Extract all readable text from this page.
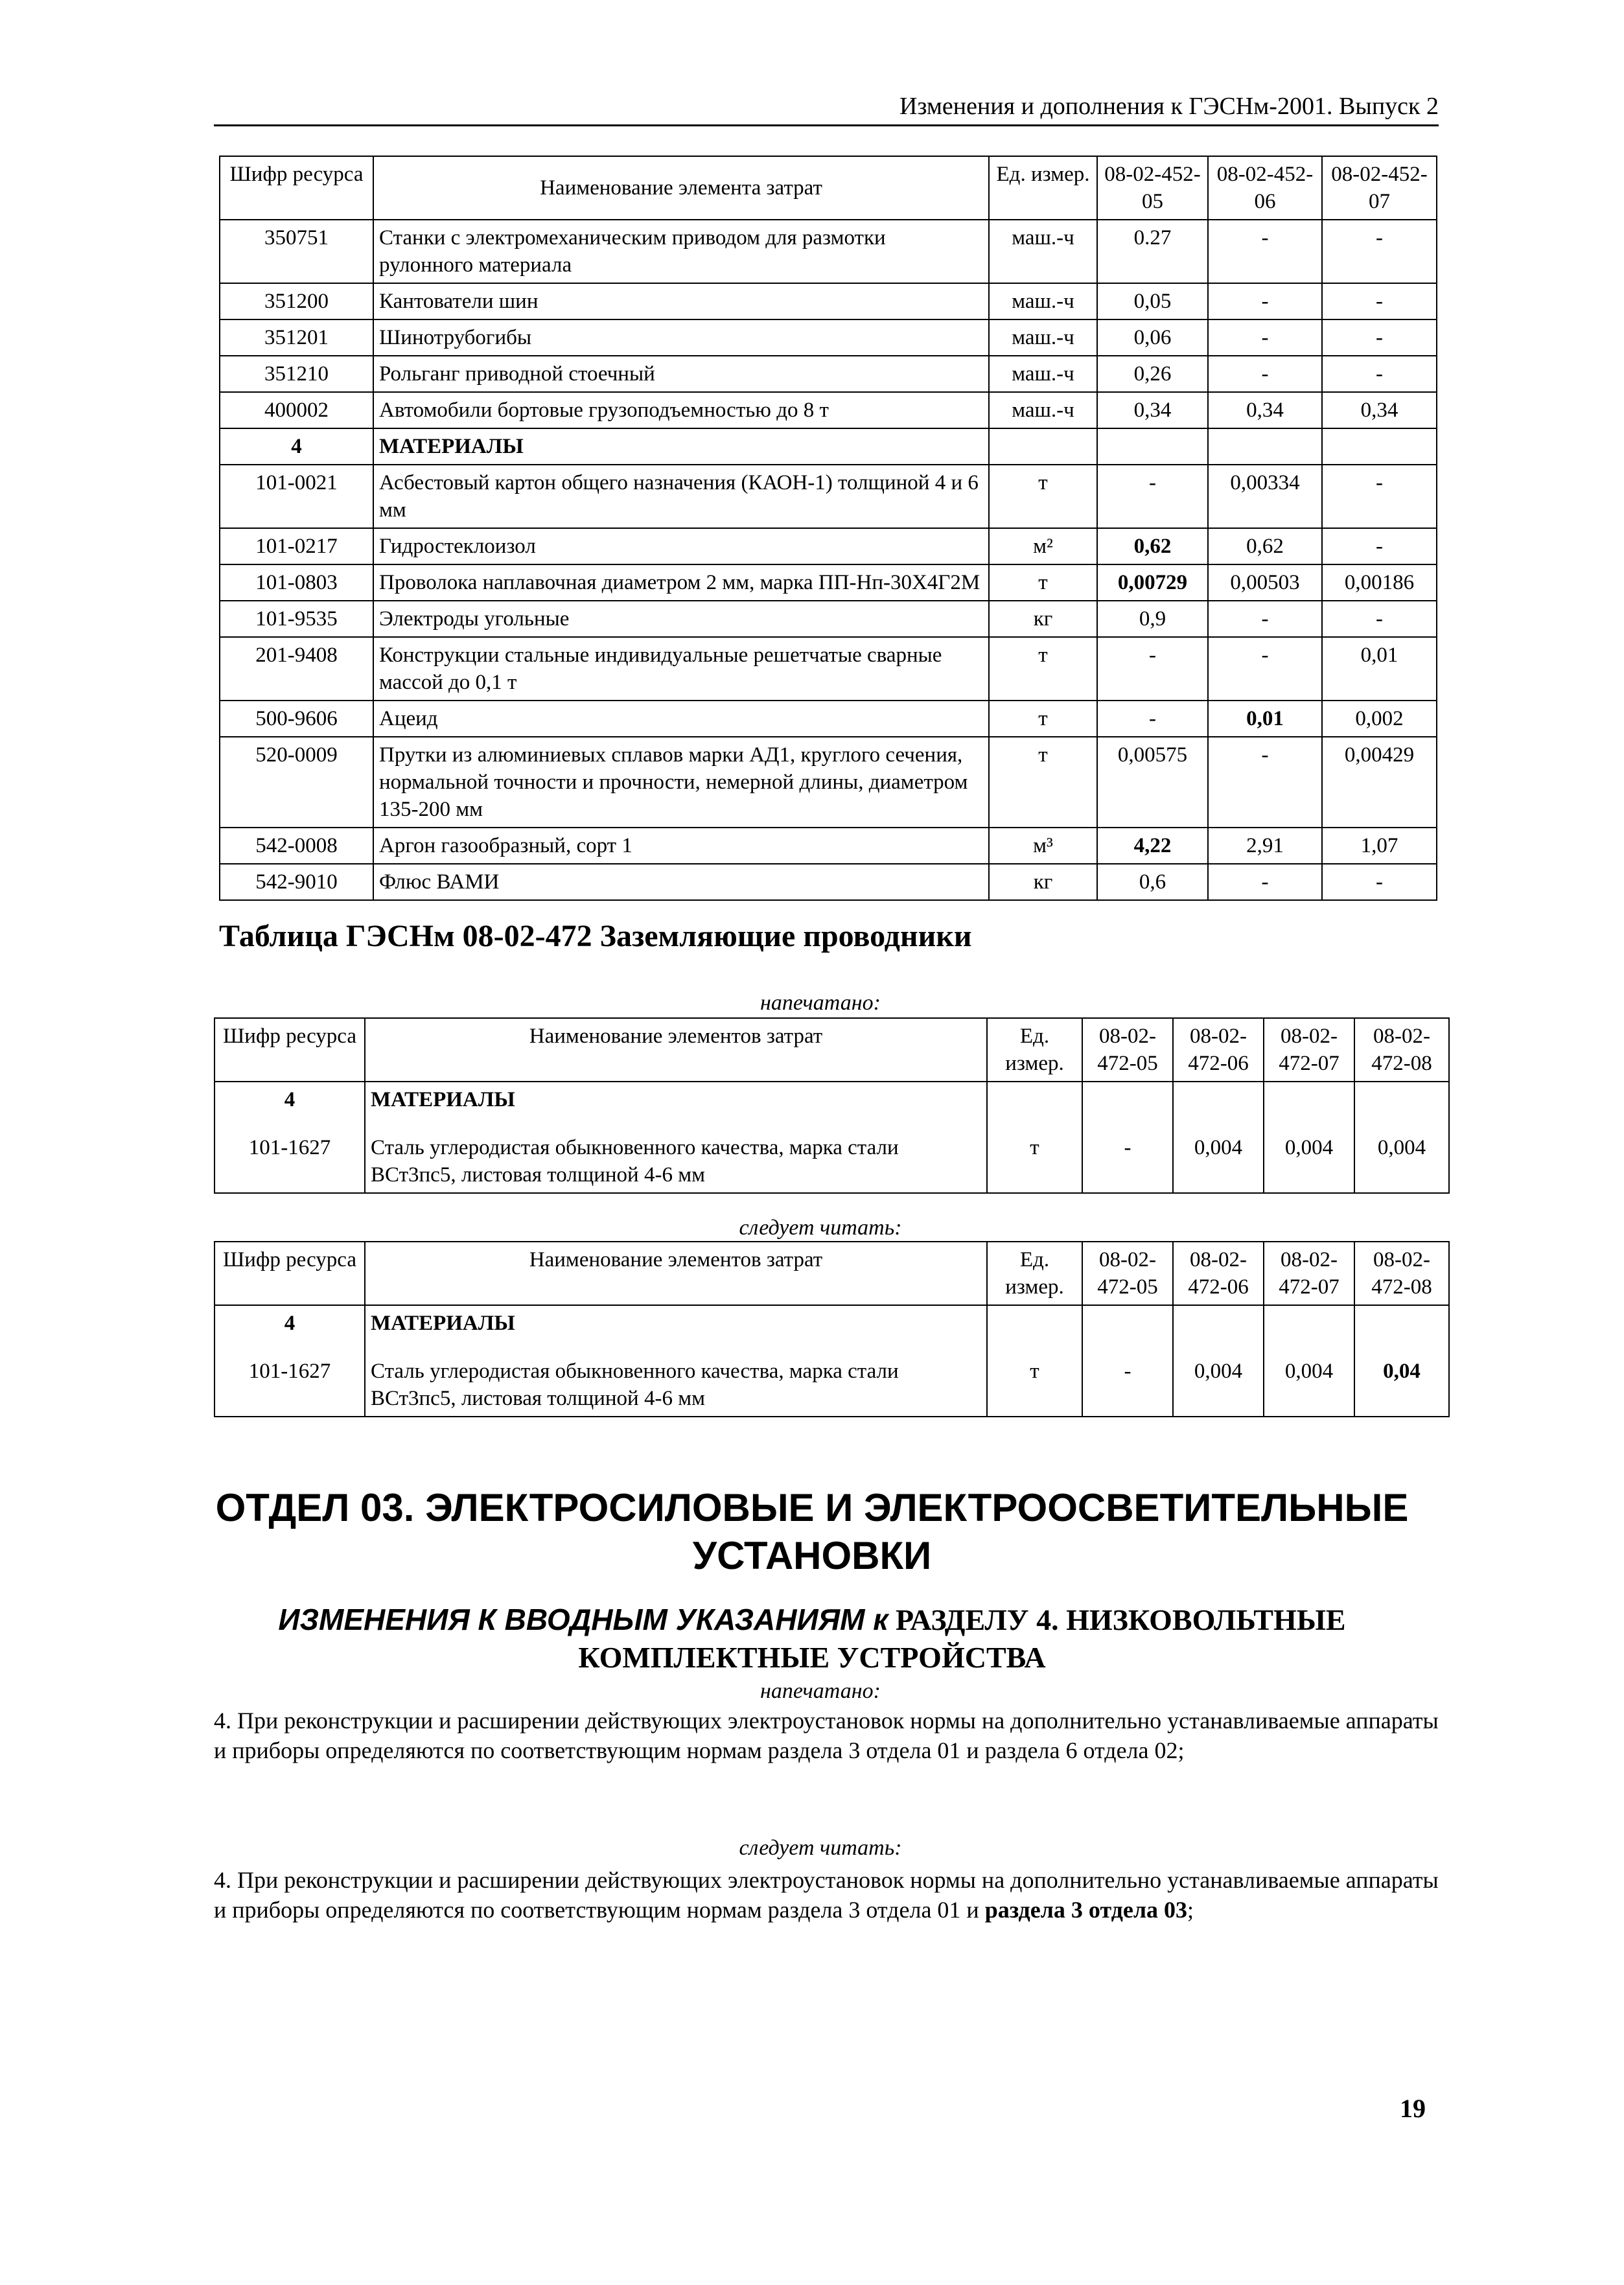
Изменения и дополнения к ГЭСНм-2001. Выпуск 2
Шифр ресурса	Наименование элемента затрат	Ед. измер.	08-02-452-05	08-02-452-06	08-02-452-07
350751	Станки с электромеханическим приводом для размотки рулонного материала	маш.-ч	0.27	-	-
351200	Кантователи шин	маш.-ч	0,05	-	-
351201	Шинотрубогибы	маш.-ч	0,06	-	-
351210	Рольганг приводной стоечный	маш.-ч	0,26	-	-
400002	Автомобили бортовые грузоподъемностью до 8 т	маш.-ч	0,34	0,34	0,34
4	МАТЕРИАЛЫ				
101-0021	Асбестовый картон общего назначения (КАОН-1) толщиной 4 и 6 мм	т	-	0,00334	-
101-0217	Гидростеклоизол	м²	0,62	0,62	-
101-0803	Проволока наплавочная диаметром 2 мм, марка ПП-Нп-30Х4Г2М	т	0,00729	0,00503	0,00186
101-9535	Электроды угольные	кг	0,9	-	-
201-9408	Конструкции стальные индивидуальные решетчатые сварные массой до 0,1 т	т	-	-	0,01
500-9606	Ацеид	т	-	0,01	0,002
520-0009	Прутки из алюминиевых сплавов марки АД1, круглого сечения, нормальной точности и прочности, немерной длины, диаметром 135-200 мм	т	0,00575	-	0,00429
542-0008	Аргон газообразный, сорт 1	м³	4,22	2,91	1,07
542-9010	Флюс ВАМИ	кг	0,6	-	-
Таблица ГЭСНм 08-02-472 Заземляющие проводники
напечатано:
Шифр ресурса	Наименование элементов затрат	Ед. измер.	08-02-472-05	08-02-472-06	08-02-472-07	08-02-472-08
4	МАТЕРИАЛЫ					
101-1627	Сталь углеродистая обыкновенного качества, марка стали ВСт3пс5, листовая толщиной 4-6 мм	т	-	0,004	0,004	0,004
следует читать:
Шифр ресурса	Наименование элементов затрат	Ед. измер.	08-02-472-05	08-02-472-06	08-02-472-07	08-02-472-08
4	МАТЕРИАЛЫ					
101-1627	Сталь углеродистая обыкновенного качества, марка стали ВСт3пс5, листовая толщиной 4-6 мм	т	-	0,004	0,004	0,04
ОТДЕЛ 03. ЭЛЕКТРОСИЛОВЫЕ И ЭЛЕКТРООСВЕТИТЕЛЬНЫЕ УСТАНОВКИ
ИЗМЕНЕНИЯ К ВВОДНЫМ УКАЗАНИЯМ к РАЗДЕЛУ 4. НИЗКОВОЛЬТНЫЕ КОМПЛЕКТНЫЕ УСТРОЙСТВА
напечатано:
4. При реконструкции и расширении действующих электроустановок нормы на дополнительно устанавливаемые аппараты и приборы определяются по соответствующим нормам раздела 3 отдела 01 и раздела 6 отдела 02;
следует читать:
4. При реконструкции и расширении действующих электроустановок нормы на дополнительно устанавливаемые аппараты и приборы определяются по соответствующим нормам раздела 3 отдела 01 и раздела 3 отдела 03;
19
